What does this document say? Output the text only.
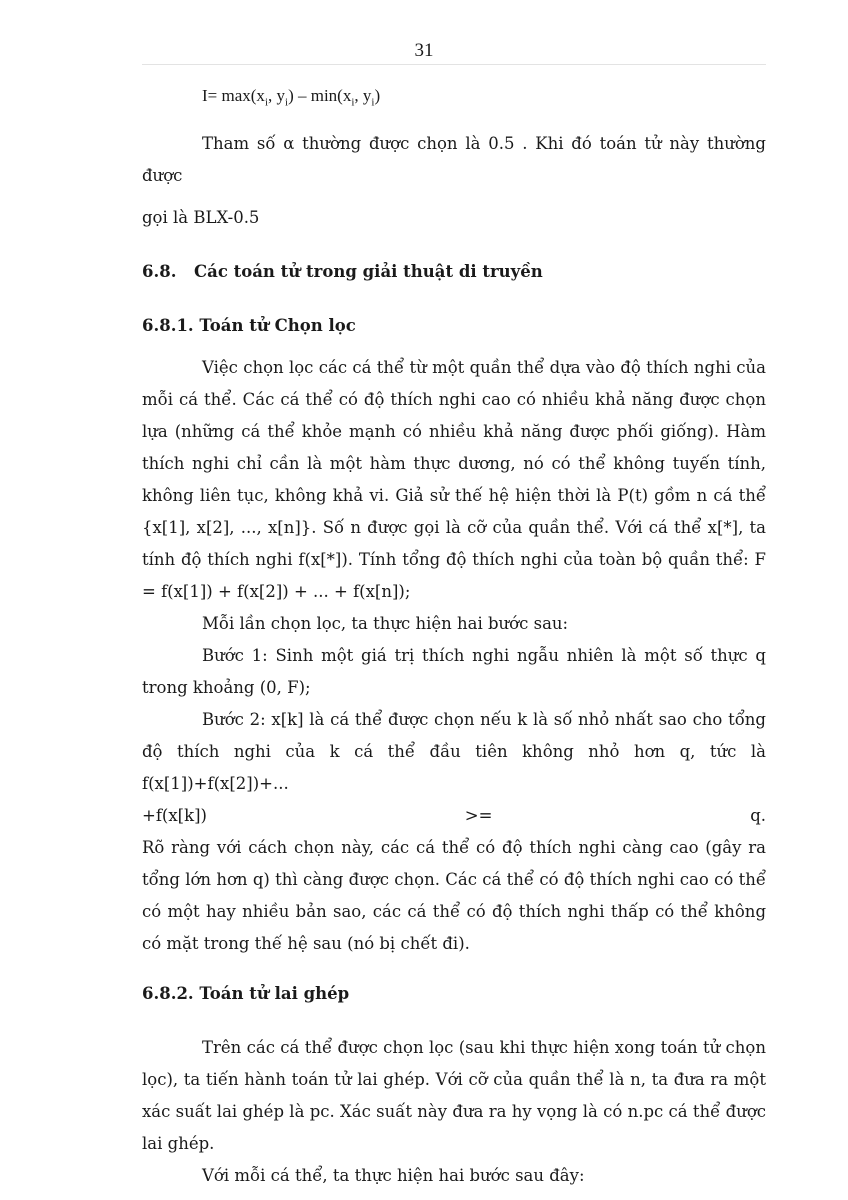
31
$I= \max(x_i$, $y_i) - \min(x_i$, $y_i$)

Tham số α thường được chọn là 0.5 . Khi đó toán tử này thường được

gọi là BLX-0.5

6.8. Các toán tử trong giải thuật di truyền
6.8.1. Toán tử Chọn lọc

Việc chọn lọc các cá thể từ một quần thể dựa vào độ thích nghi của mỗi cá thể. Các cá thể có độ thích nghi cao có nhiều khả năng được chọn lựa (những cá thể khỏe mạnh có nhiều khả năng được phối giống). Hàm thích nghi chỉ cần là một hàm thực dương, nó có thể không tuyến tính, không liên tục, không khả vi. Giả sử thế hệ hiện thời là P(t) gồm n cá thể {x[1], x[2], ..., x[n]}. Số n được gọi là cỡ của quần thể. Với cá thể x[*], ta tính độ thích nghi f(x[*]). Tính tổng độ thích nghi của toàn bộ quần thể: F = f(x[1]) + f(x[2]) + ... + f(x[n]);

Mỗi lần chọn lọc, ta thực hiện hai bước sau:

Bước 1: Sinh một giá trị thích nghi ngẫu nhiên là một số thực q trong khoảng (0, F);

Bước 2: x[k] là cá thể được chọn nếu k là số nhỏ nhất sao cho tổng độ thích nghi của k cá thể đầu tiên không nhỏ hơn q, tức là f(x[1])+f(x[2])+...

+f(x[k])	>=	q.

Rõ ràng với cách chọn này, các cá thể có độ thích nghi càng cao (gây ra tổng lớn hơn q) thì càng được chọn. Các cá thể có độ thích nghi cao có thể có một hay nhiều bản sao, các cá thể có độ thích nghi thấp có thể không có mặt trong thế hệ sau (nó bị chết đi).

6.8.2. Toán tử lai ghép

Trên các cá thể được chọn lọc (sau khi thực hiện xong toán tử chọn lọc), ta tiến hành toán tử lai ghép. Với cỡ của quần thể là n, ta đưa ra một xác suất lai ghép là pc. Xác suất này đưa ra hy vọng là có n.pc cá thể được lai ghép.

Với mỗi cá thể, ta thực hiện hai bước sau đây:
